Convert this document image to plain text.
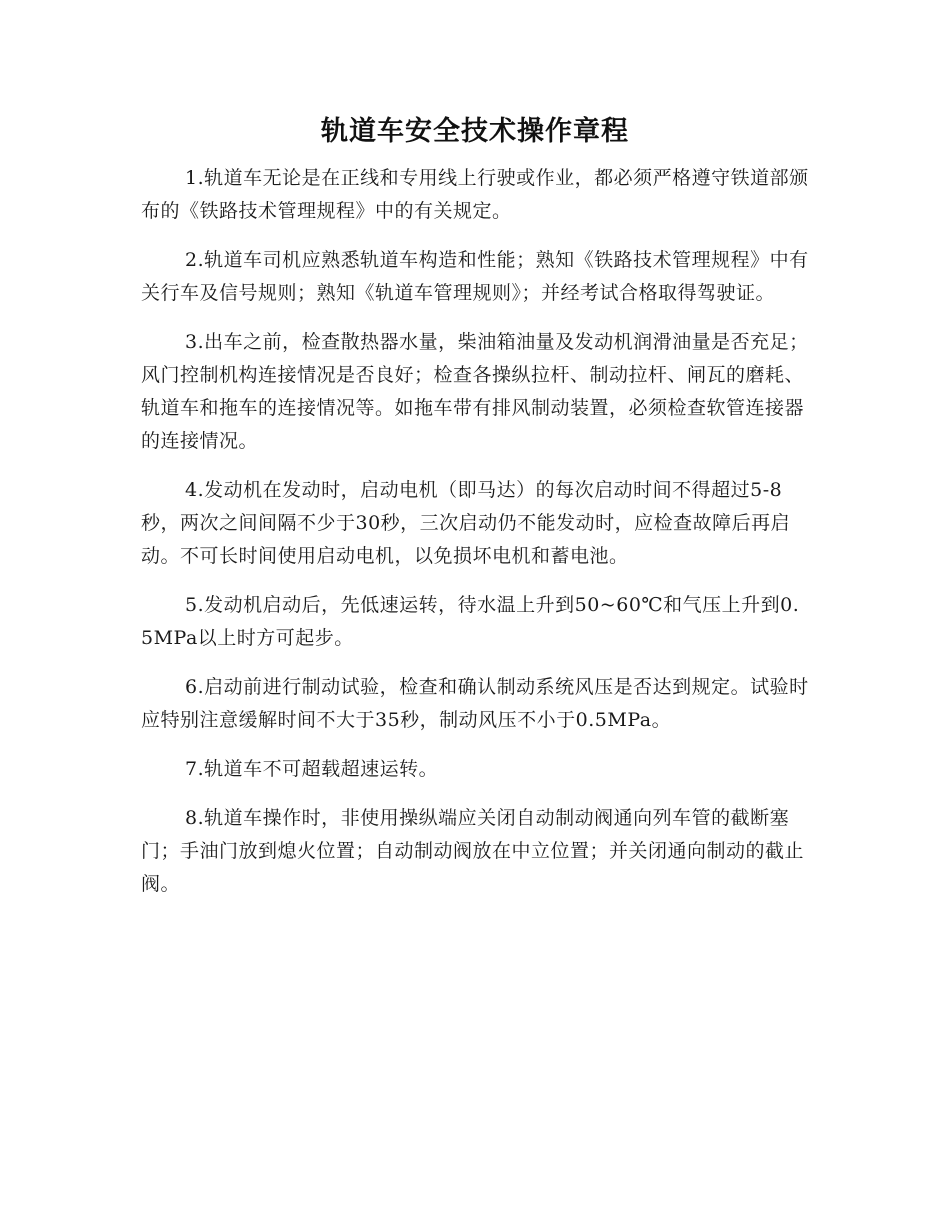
轨道车安全技术操作章程

1.轨道车无论是在正线和专用线上行驶或作业，都必须严格遵守铁道部颁布的《铁路技术管理规程》中的有关规定。

2.轨道车司机应熟悉轨道车构造和性能；熟知《铁路技术管理规程》中有关行车及信号规则；熟知《轨道车管理规则》；并经考试合格取得驾驶证。

3.出车之前，检查散热器水量，柴油箱油量及发动机润滑油量是否充足；风门控制机构连接情况是否良好；检查各操纵拉杆、制动拉杆、闸瓦的磨耗、轨道车和拖车的连接情况等。如拖车带有排风制动装置，必须检查软管连接器的连接情况。

4.发动机在发动时，启动电机（即马达）的每次启动时间不得超过5-8秒，两次之间间隔不少于30秒，三次启动仍不能发动时，应检查故障后再启动。不可长时间使用启动电机，以免损坏电机和蓄电池。

5.发动机启动后，先低速运转，待水温上升到50~60℃和气压上升到0.5MPa以上时方可起步。

6.启动前进行制动试验，检查和确认制动系统风压是否达到规定。试验时应特别注意缓解时间不大于35秒，制动风压不小于0.5MPa。

7.轨道车不可超载超速运转。

8.轨道车操作时，非使用操纵端应关闭自动制动阀通向列车管的截断塞门；手油门放到熄火位置；自动制动阀放在中立位置；并关闭通向制动的截止阀。
